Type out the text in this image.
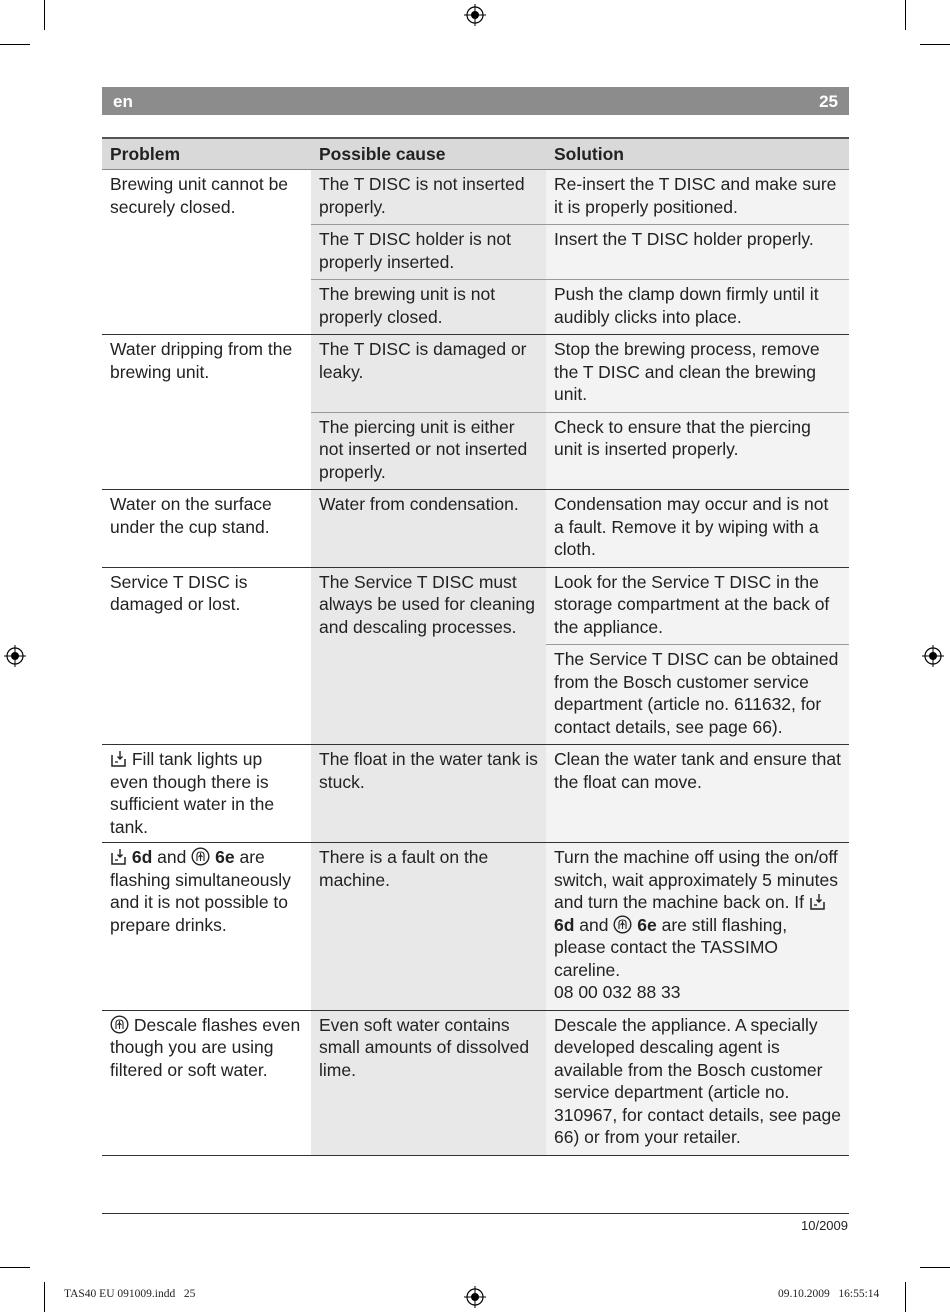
en	25
Problem	Possible cause	Solution
Brewing unit cannot be securely closed.	The T DISC is not inserted properly.	Re-insert the T DISC and make sure it is properly positioned.
	The T DISC holder is not properly inserted.	Insert the T DISC holder properly.
	The brewing unit is not properly closed.	Push the clamp down firmly until it audibly clicks into place.
Water dripping from the brewing unit.	The T DISC is damaged or leaky.	Stop the brewing process, remove the T DISC and clean the brewing unit.
	The piercing unit is either not inserted or not inserted properly.	Check to ensure that the piercing unit is inserted properly.
Water on the surface under the cup stand.	Water from condensation.	Condensation may occur and is not a fault. Remove it by wiping with a cloth.
Service T DISC is damaged or lost.	The Service T DISC must always be used for cleaning and descaling processes.	Look for the Service T DISC in the storage compartment at the back of the appliance.
		The Service T DISC can be obtained from the Bosch customer service department (article no. 611632, for contact details, see page 66).
Fill tank lights up even though there is sufficient water in the tank.	The float in the water tank is stuck.	Clean the water tank and ensure that the float can move.
6d and  6e are flashing simultaneously and it is not possible to prepare drinks.	There is a fault on the machine.	Turn the machine off using the on/off switch, wait approximately 5 minutes and turn the machine back on. If  6d and  6e are still flashing, please contact the TASSIMO careline.
08 00 032 88 33
Descale flashes even though you are using filtered or soft water.	Even soft water contains small amounts of dissolved lime.	Descale the appliance. A specially developed descaling agent is available from the Bosch customer service department (article no. 310967, for contact details, see page 66) or from your retailer.
10/2009
TAS40 EU 091009.indd   25	09.10.2009   16:55:14
